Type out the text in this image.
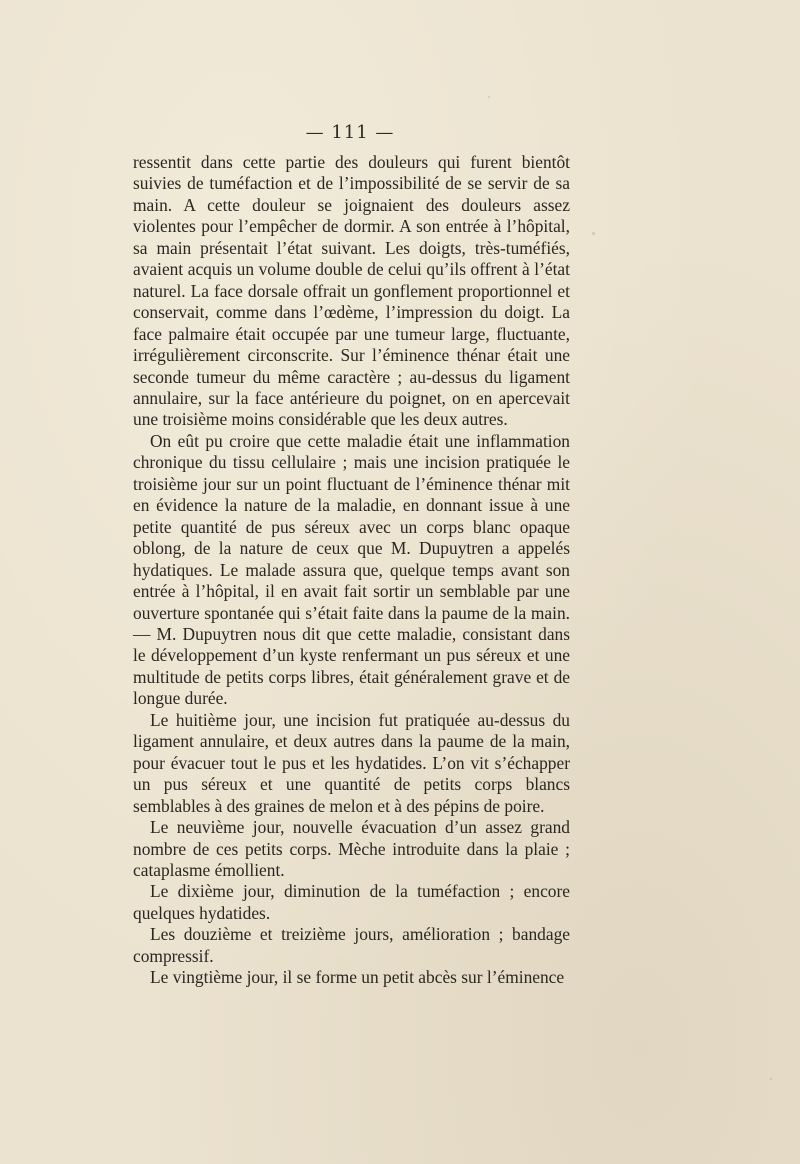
— 111 —

ressentit dans cette partie des douleurs qui furent bientôt suivies de tuméfaction et de l’impossibilité de se servir de sa main. A cette douleur se joignaient des douleurs assez violentes pour l’empêcher de dormir. A son entrée à l’hôpital, sa main présentait l’état suivant. Les doigts, très-tuméfiés, avaient acquis un volume double de celui qu’ils offrent à l’état naturel. La face dorsale offrait un gonflement proportionnel et conservait, comme dans l’œdème, l’impression du doigt. La face palmaire était occupée par une tumeur large, fluctuante, irrégulièrement circonscrite. Sur l’éminence thénar était une seconde tumeur du même caractère ; au-dessus du ligament annulaire, sur la face antérieure du poignet, on en apercevait une troisième moins considérable que les deux autres.

On eût pu croire que cette maladie était une inflammation chronique du tissu cellulaire ; mais une incision pratiquée le troisième jour sur un point fluctuant de l’éminence thénar mit en évidence la nature de la maladie, en donnant issue à une petite quantité de pus séreux avec un corps blanc opaque oblong, de la nature de ceux que M. Dupuytren a appelés hydatiques. Le malade assura que, quelque temps avant son entrée à l’hôpital, il en avait fait sortir un semblable par une ouverture spontanée qui s’était faite dans la paume de la main. — M. Dupuytren nous dit que cette maladie, consistant dans le développement d’un kyste renfermant un pus séreux et une multitude de petits corps libres, était généralement grave et de longue durée.

Le huitième jour, une incision fut pratiquée au-dessus du ligament annulaire, et deux autres dans la paume de la main, pour évacuer tout le pus et les hydatides. L’on vit s’échapper un pus séreux et une quantité de petits corps blancs semblables à des graines de melon et à des pépins de poire.

Le neuvième jour, nouvelle évacuation d’un assez grand nombre de ces petits corps. Mèche introduite dans la plaie ; cataplasme émollient.

Le dixième jour, diminution de la tuméfaction ; encore quelques hydatides.

Les douzième et treizième jours, amélioration ; bandage compressif.

Le vingtième jour, il se forme un petit abcès sur l’éminence
